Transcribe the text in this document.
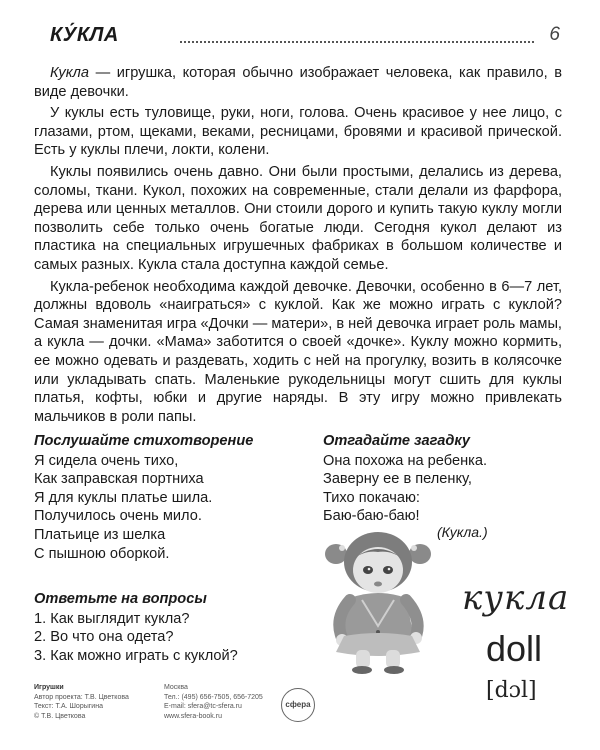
КУ́КЛА	6

Кукла — игрушка, которая обычно изображает человека, как правило, в виде девочки.

У куклы есть туловище, руки, ноги, голова. Очень красивое у нее лицо, с глазами, ртом, щеками, веками, ресницами, бровями и красивой прической. Есть у куклы плечи, локти, колени.

Куклы появились очень давно. Они были простыми, делались из дерева, соломы, ткани. Кукол, похожих на современные, стали делали из фарфора, дерева или ценных металлов. Они стоили дорого и купить такую куклу могли позволить себе только очень богатые люди. Сегодня кукол делают из пластика на специальных игрушечных фабриках в большом количестве и самых разных. Кукла стала доступна каждой семье.

Кукла-ребенок необходима каждой девочке. Девочки, особенно в 6—7 лет, должны вдоволь «наиграться» с куклой. Как же можно играть с куклой? Самая знаменитая игра «Дочки — матери», в ней девочка играет роль мамы, а кукла — дочки. «Мама» заботится о своей «дочке». Куклу можно кормить, ее можно одевать и раздевать, ходить с ней на прогулку, возить в колясочке или укладывать спать. Маленькие рукодельницы могут сшить для куклы платья, кофты, юбки и другие наряды. В эту игру можно привлекать мальчиков в роли папы.

Послушайте стихотворение
Я сидела очень тихо,
Как заправская портниха
Я для куклы платье шила.
Получилось очень мило.
Платьице из шелка
С пышною оборкой.
Отгадайте загадку
Она похожа на ребенка.
Заверну ее в пеленку,
Тихо покачаю:
Баю-баю-баю!
(Кукла.)
Ответьте на вопросы
1. Как выглядит кукла?
2. Во что она одета?
3. Как можно играть с куклой?
кукла
doll
[dɔl]
Игрушки
Автор проекта: Т.В. Цветкова
Текст: Т.А. Шорыгина
© Т.В. Цветкова
Москва
Тел.: (495) 656-7505, 656-7205
E-mail: sfera@tc-sfera.ru
www.sfera-book.ru
сфера
